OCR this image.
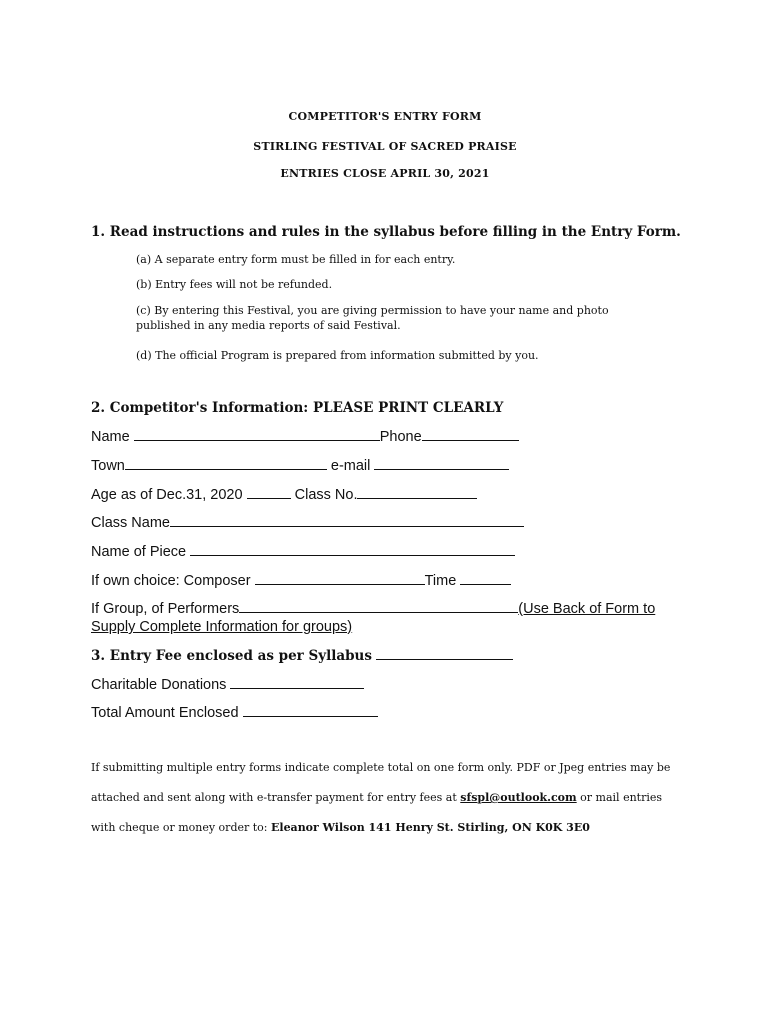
COMPETITOR'S ENTRY FORM
STIRLING FESTIVAL OF SACRED PRAISE
ENTRIES CLOSE APRIL 30, 2021
1. Read instructions and rules in the syllabus before filling in the Entry Form.
(a) A separate entry form must be filled in for each entry.
(b) Entry fees will not be refunded.
(c) By entering this Festival, you are giving permission to have your name and photo
published in any media reports of said Festival.
(d) The official Program is prepared from information submitted by you.
2. Competitor's Information: PLEASE PRINT CLEARLY
Name	Phone
Town	e-mail
Age as of Dec.31, 2020	Class No.
Class Name
Name of Piece
If own choice: Composer	Time
If Group, of Performers	(Use Back of Form to
Supply Complete Information for groups)
3. Entry Fee enclosed as per Syllabus
Charitable Donations
Total Amount Enclosed
If submitting multiple entry forms indicate complete total on one form only. PDF or Jpeg entries may be
attached and sent along with e-transfer payment for entry fees at sfspl@outlook.com or mail entries
with cheque or money order to: Eleanor Wilson 141 Henry St. Stirling, ON K0K 3E0
